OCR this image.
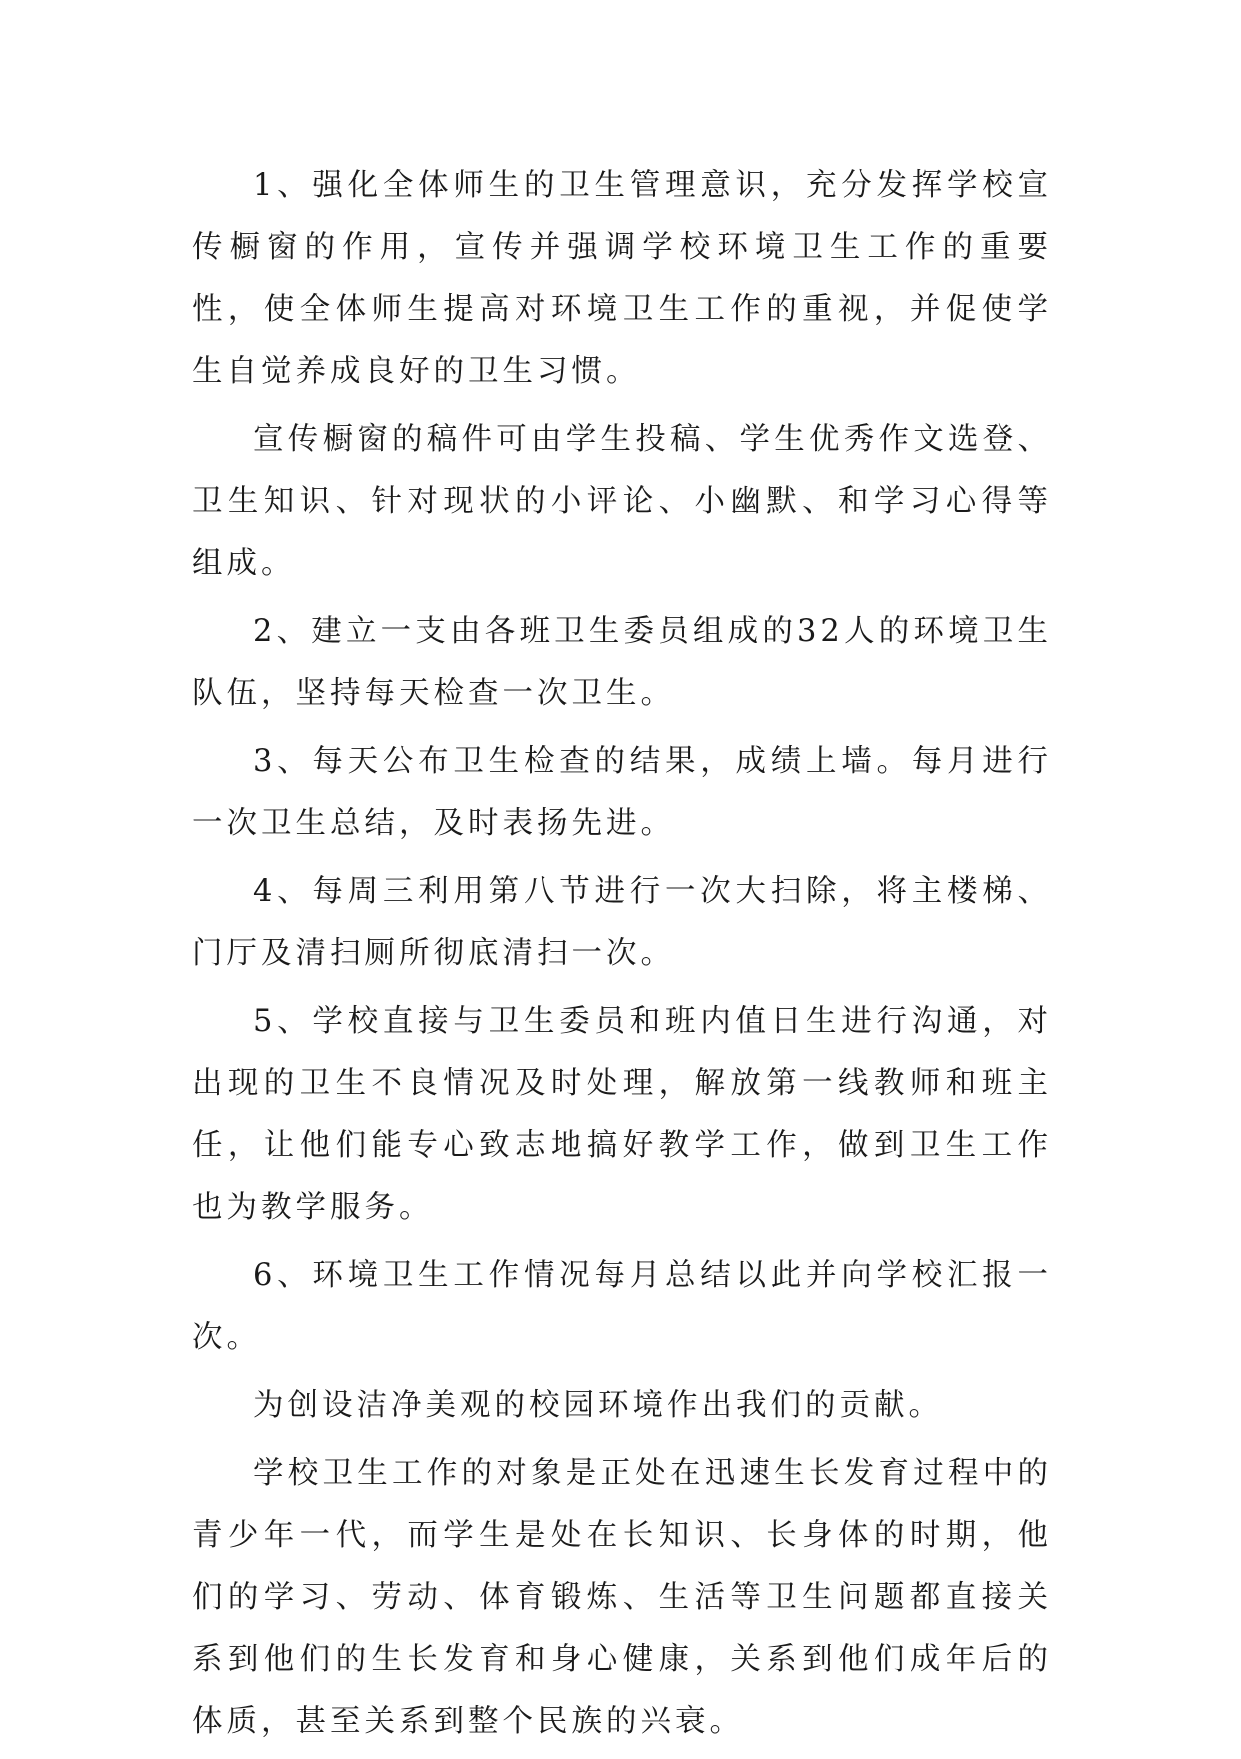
1、强化全体师生的卫生管理意识，充分发挥学校宣传橱窗的作用，宣传并强调学校环境卫生工作的重要性，使全体师生提高对环境卫生工作的重视，并促使学生自觉养成良好的卫生习惯。

宣传橱窗的稿件可由学生投稿、学生优秀作文选登、卫生知识、针对现状的小评论、小幽默、和学习心得等组成。

2、建立一支由各班卫生委员组成的32人的环境卫生队伍，坚持每天检查一次卫生。

3、每天公布卫生检查的结果，成绩上墙。每月进行一次卫生总结，及时表扬先进。

4、每周三利用第八节进行一次大扫除，将主楼梯、门厅及清扫厕所彻底清扫一次。

5、学校直接与卫生委员和班内值日生进行沟通，对出现的卫生不良情况及时处理，解放第一线教师和班主任，让他们能专心致志地搞好教学工作，做到卫生工作也为教学服务。

6、环境卫生工作情况每月总结以此并向学校汇报一次。

为创设洁净美观的校园环境作出我们的贡献。

学校卫生工作的对象是正处在迅速生长发育过程中的青少年一代，而学生是处在长知识、长身体的时期，他们的学习、劳动、体育锻炼、生活等卫生问题都直接关系到他们的生长发育和身心健康，关系到他们成年后的体质，甚至关系到整个民族的兴衰。
